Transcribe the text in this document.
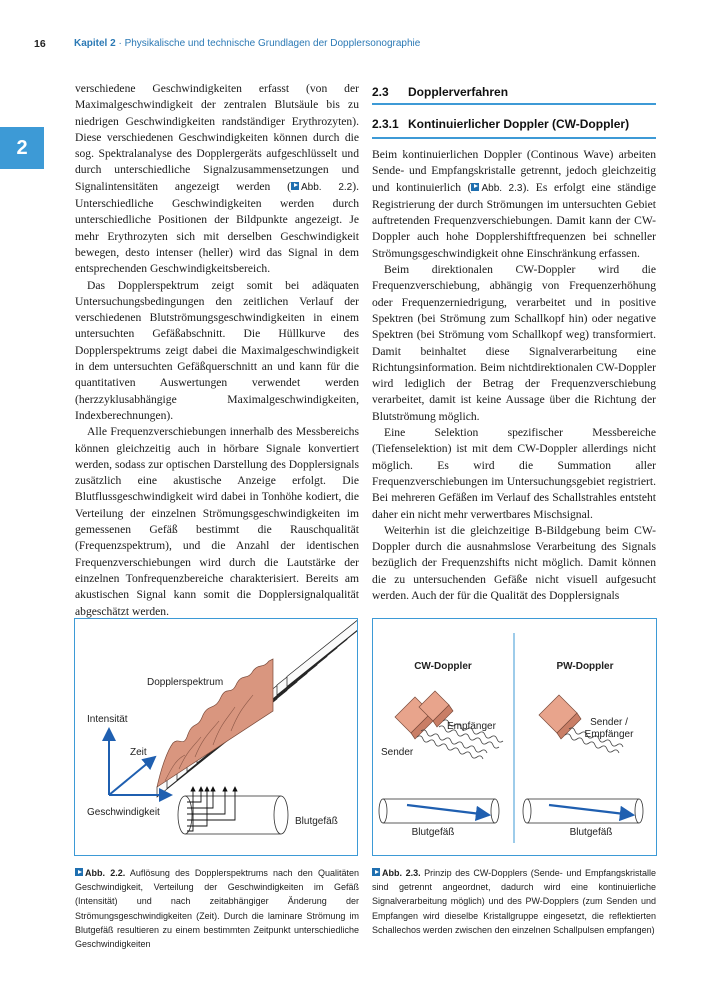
16	Kapitel 2 · Physikalische und technische Grundlagen der Dopplersonographie
2

verschiedene Geschwindigkeiten erfasst (von der Maximalgeschwindigkeit der zentralen Blutsäule bis zu niedrigen Geschwindigkeiten randständiger Erythrozyten). Diese verschiedenen Geschwindigkeiten können durch die sog. Spektralanalyse des Dopplergeräts aufgeschlüsselt und durch unterschiedliche Signalzusammensetzungen und Signalintensitäten angezeigt werden ( Abb. 2.2). Unterschiedliche Geschwindigkeiten werden durch unterschiedliche Positionen der Bildpunkte angezeigt. Je mehr Erythrozyten sich mit derselben Geschwindigkeit bewegen, desto intenser (heller) wird das Signal in dem entsprechenden Geschwindigkeitsbereich.

Das Dopplerspektrum zeigt somit bei adäquaten Untersuchungsbedingungen den zeitlichen Verlauf der verschiedenen Blutströmungsgeschwindigkeiten in einem untersuchten Gefäßabschnitt. Die Hüllkurve des Dopplerspektrums zeigt dabei die Maximalgeschwindigkeit in dem untersuchten Gefäßquerschnitt an und kann für die quantitativen Auswertungen verwendet werden (herzzyklusabhängige Maximalgeschwindigkeiten, Indexberechnungen).

Alle Frequenzverschiebungen innerhalb des Messbereichs können gleichzeitig auch in hörbare Signale konvertiert werden, sodass zur optischen Darstellung des Dopplersignals zusätzlich eine akustische Anzeige erfolgt. Die Blutflussgeschwindigkeit wird dabei in Tonhöhe kodiert, die Verteilung der einzelnen Strömungsgeschwindigkeiten im gemessenen Gefäß bestimmt die Rauschqualität (Frequenzspektrum), und die Anzahl der identischen Frequenzverschiebungen wird durch die Lautstärke der einzelnen Tonfrequenzbereiche charakterisiert. Bereits am akustischen Signal kann somit die Dopplersignalqualität abgeschätzt werden.

2.3 Dopplerverfahren
2.3.1 Kontinuierlicher Doppler (CW-Doppler)

Beim kontinuierlichen Doppler (Continous Wave) arbeiten Sende- und Empfangskristalle getrennt, jedoch gleichzeitig und kontinuierlich ( Abb. 2.3). Es erfolgt eine ständige Registrierung der durch Strömungen im untersuchten Gebiet auftretenden Frequenzverschiebungen. Damit kann der CW-Doppler auch hohe Dopplershiftfrequenzen bei schneller Strömungsgeschwindigkeit ohne Einschränkung erfassen.

Beim direktionalen CW-Doppler wird die Frequenzverschiebung, abhängig von Frequenzerhöhung oder Frequenzerniedrigung, verarbeitet und in positive Spektren (bei Strömung zum Schallkopf hin) oder negative Spektren (bei Strömung vom Schallkopf weg) transformiert. Damit beinhaltet diese Signalverarbeitung eine Richtungsinformation. Beim nichtdirektionalen CW-Doppler wird lediglich der Betrag der Frequenzverschiebung verarbeitet, damit ist keine Aussage über die Richtung der Blutströmung möglich.

Eine Selektion spezifischer Messbereiche (Tiefenselektion) ist mit dem CW-Doppler allerdings nicht möglich. Es wird die Summation aller Frequenzverschiebungen im Untersuchungsgebiet registriert. Bei mehreren Gefäßen im Verlauf des Schallstrahles entsteht daher ein nicht mehr verwertbares Mischsignal.

Weiterhin ist die gleichzeitige B-Bildgebung beim CW-Doppler durch die ausnahmslose Verarbeitung des Signals bezüglich der Frequenzshifts nicht möglich. Damit können die zu untersuchenden Gefäße nicht visuell aufgesucht werden. Auch der für die Qualität des Dopplersignals

Dopplerspektrum
Intensität
Zeit
Geschwindigkeit
Blutgefäß
CW-Doppler	PW-Doppler
Sender
Empfänger
Blutgefäß
Sender /
Empfänger
Blutgefäß
Abb. 2.2. Auflösung des Dopplerspektrums nach den Qualitäten Geschwindigkeit, Verteilung der Geschwindigkeiten im Gefäß (Intensität) und nach zeitabhängiger Änderung der Strömungsgeschwindigkeiten (Zeit). Durch die laminare Strömung im Blutgefäß resultieren zu einem bestimmten Zeitpunkt unterschiedliche Geschwindigkeiten
Abb. 2.3. Prinzip des CW-Dopplers (Sende- und Empfangskristalle sind getrennt angeordnet, dadurch wird eine kontinuierliche Signalverarbeitung möglich) und des PW-Dopplers (zum Senden und Empfangen wird dieselbe Kristallgruppe eingesetzt, die reflektierten Schallechos werden zwischen den einzelnen Schallpulsen empfangen)
